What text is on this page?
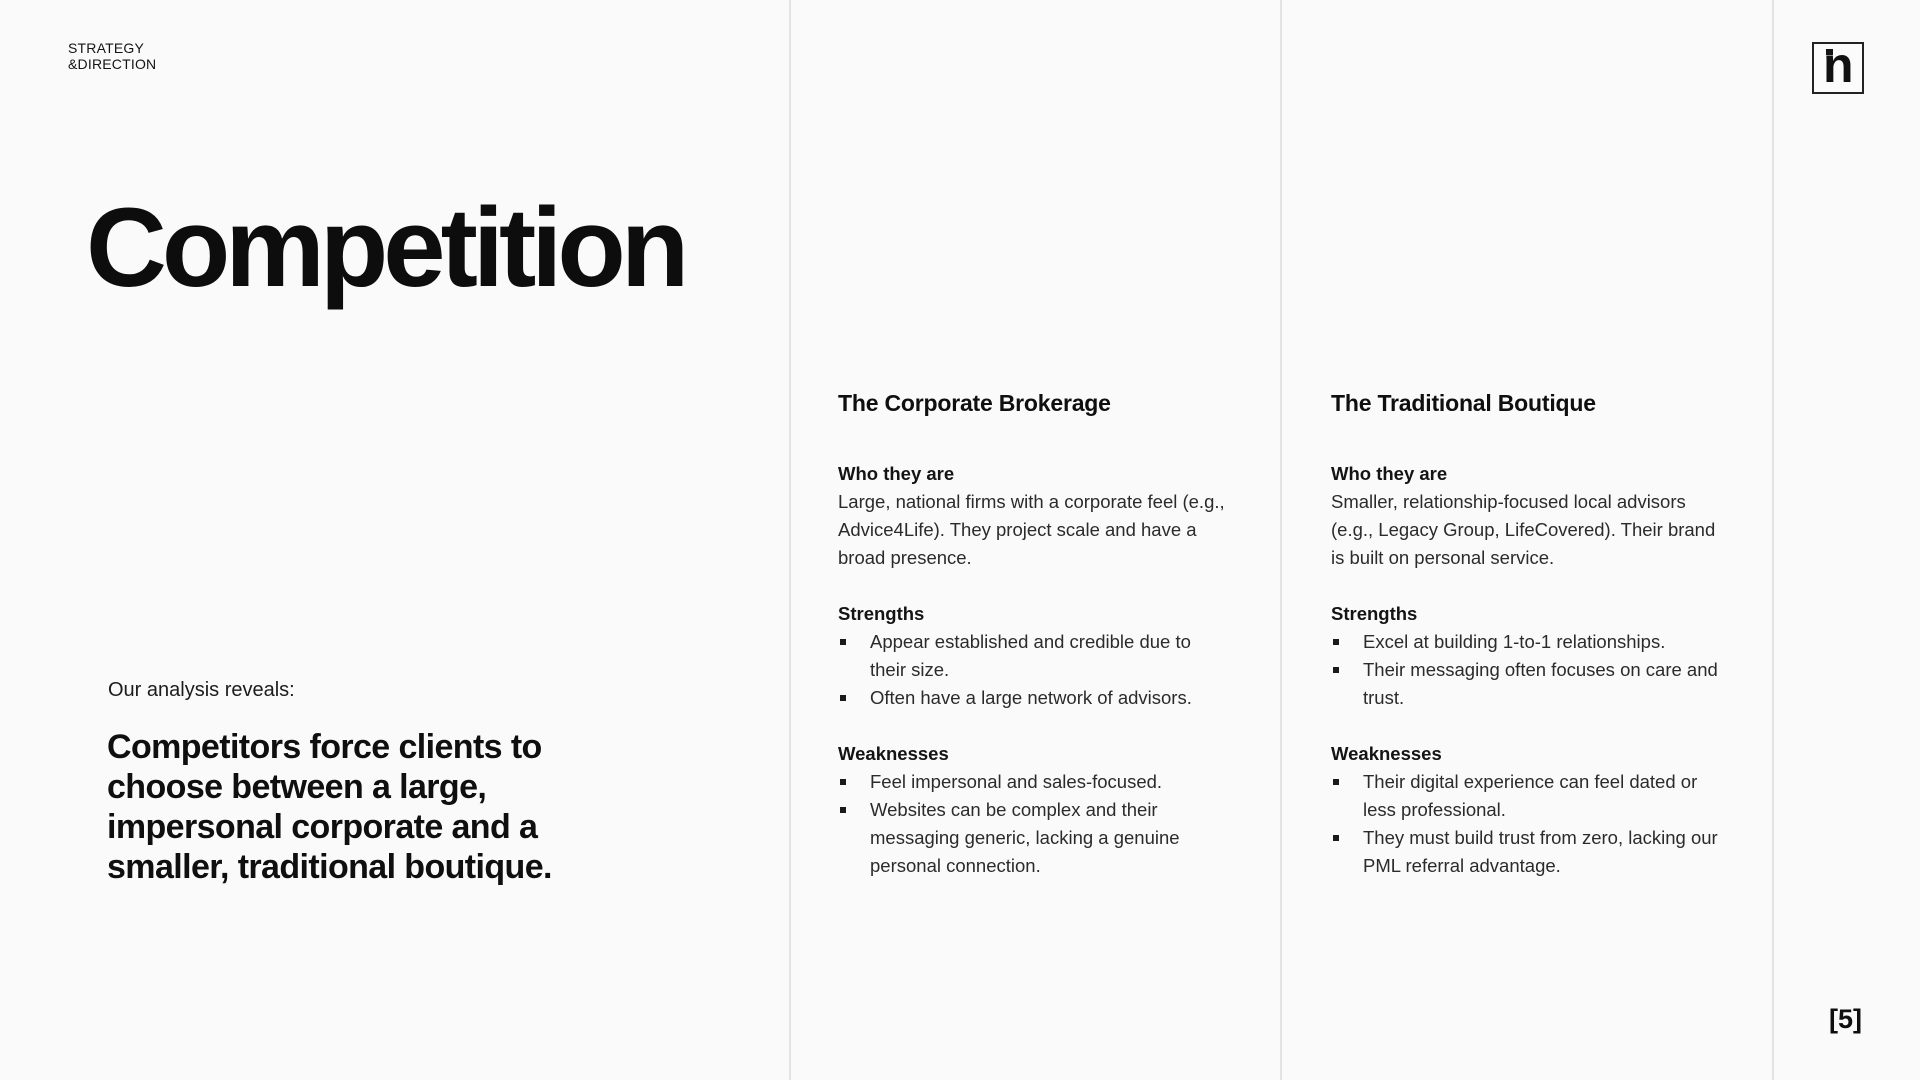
STRATEGY
&DIRECTION
Competition
Our analysis reveals:
Competitors force clients to
choose between a large,
impersonal corporate and a
smaller, traditional boutique.
The Corporate Brokerage
Who they are

Large, national firms with a corporate feel (e.g., Advice4Life). They project scale and have a broad presence.

Strengths
Appear established and credible due to their size.
Often have a large network of advisors.
Weaknesses
Feel impersonal and sales-focused.
Websites can be complex and their messaging generic, lacking a genuine personal connection.
The Traditional Boutique
Who they are

Smaller, relationship-focused local advisors (e.g., Legacy Group, LifeCovered). Their brand is built on personal service.

Strengths
Excel at building 1-to-1 relationships.
Their messaging often focuses on care and trust.
Weaknesses
Their digital experience can feel dated or less professional.
They must build trust from zero, lacking our PML referral advantage.
n
[5]
